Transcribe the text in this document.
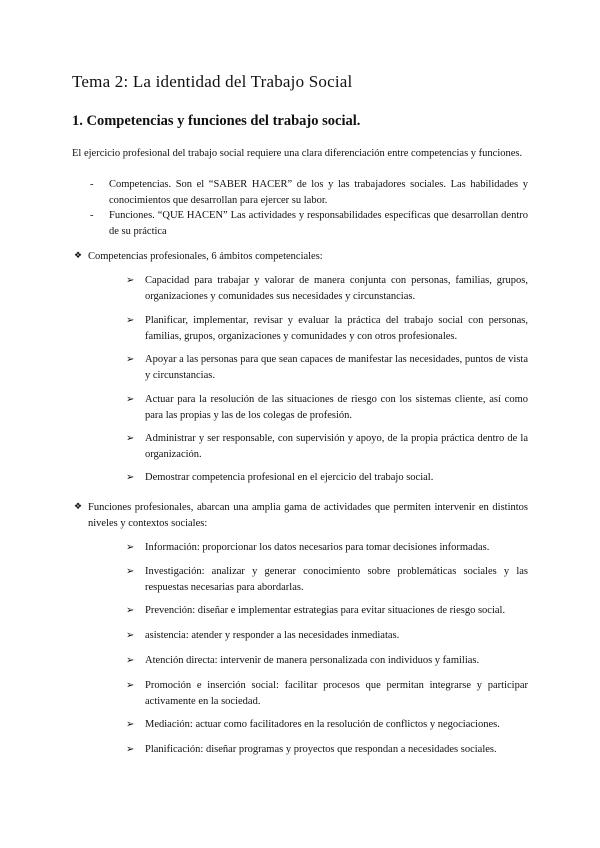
Tema 2: La identidad del Trabajo Social
1. Competencias y funciones del trabajo social.

El ejercicio profesional del trabajo social requiere una clara diferenciación entre competencias y funciones.

- Competencias. Son el “SABER HACER” de los y las trabajadores sociales. Las habilidades y conocimientos que desarrollan para ejercer su labor.
- Funciones. “QUE HACEN” Las actividades y responsabilidades específicas que desarrollan dentro de su práctica

❖ Competencias profesionales, 6 ámbitos competenciales:

➢ Capacidad para trabajar y valorar de manera conjunta con personas, familias, grupos, organizaciones y comunidades sus necesidades y circunstancias.
➢ Planificar, implementar, revisar y evaluar la práctica del trabajo social con personas, familias, grupos, organizaciones y comunidades y con otros profesionales.
➢ Apoyar a las personas para que sean capaces de manifestar las necesidades, puntos de vista y circunstancias.
➢ Actuar para la resolución de las situaciones de riesgo con los sistemas cliente, así como para las propias y las de los colegas de profesión.
➢ Administrar y ser responsable, con supervisión y apoyo, de la propia práctica dentro de la organización.
➢ Demostrar competencia profesional en el ejercicio del trabajo social.

❖ Funciones profesionales, abarcan una amplia gama de actividades que permiten intervenir en distintos niveles y contextos sociales:

➢ Información: proporcionar los datos necesarios para tomar decisiones informadas.
➢ Investigación: analizar y generar conocimiento sobre problemáticas sociales y las respuestas necesarias para abordarlas.
➢ Prevención: diseñar e implementar estrategias para evitar situaciones de riesgo social.
➢ asistencia: atender y responder a las necesidades inmediatas.
➢ Atención directa: intervenir de manera personalizada con individuos y familias.
➢ Promoción e inserción social: facilitar procesos que permitan integrarse y participar activamente en la sociedad.
➢ Mediación: actuar como facilitadores en la resolución de conflictos y negociaciones.
➢ Planificación: diseñar programas y proyectos que respondan a necesidades sociales.
